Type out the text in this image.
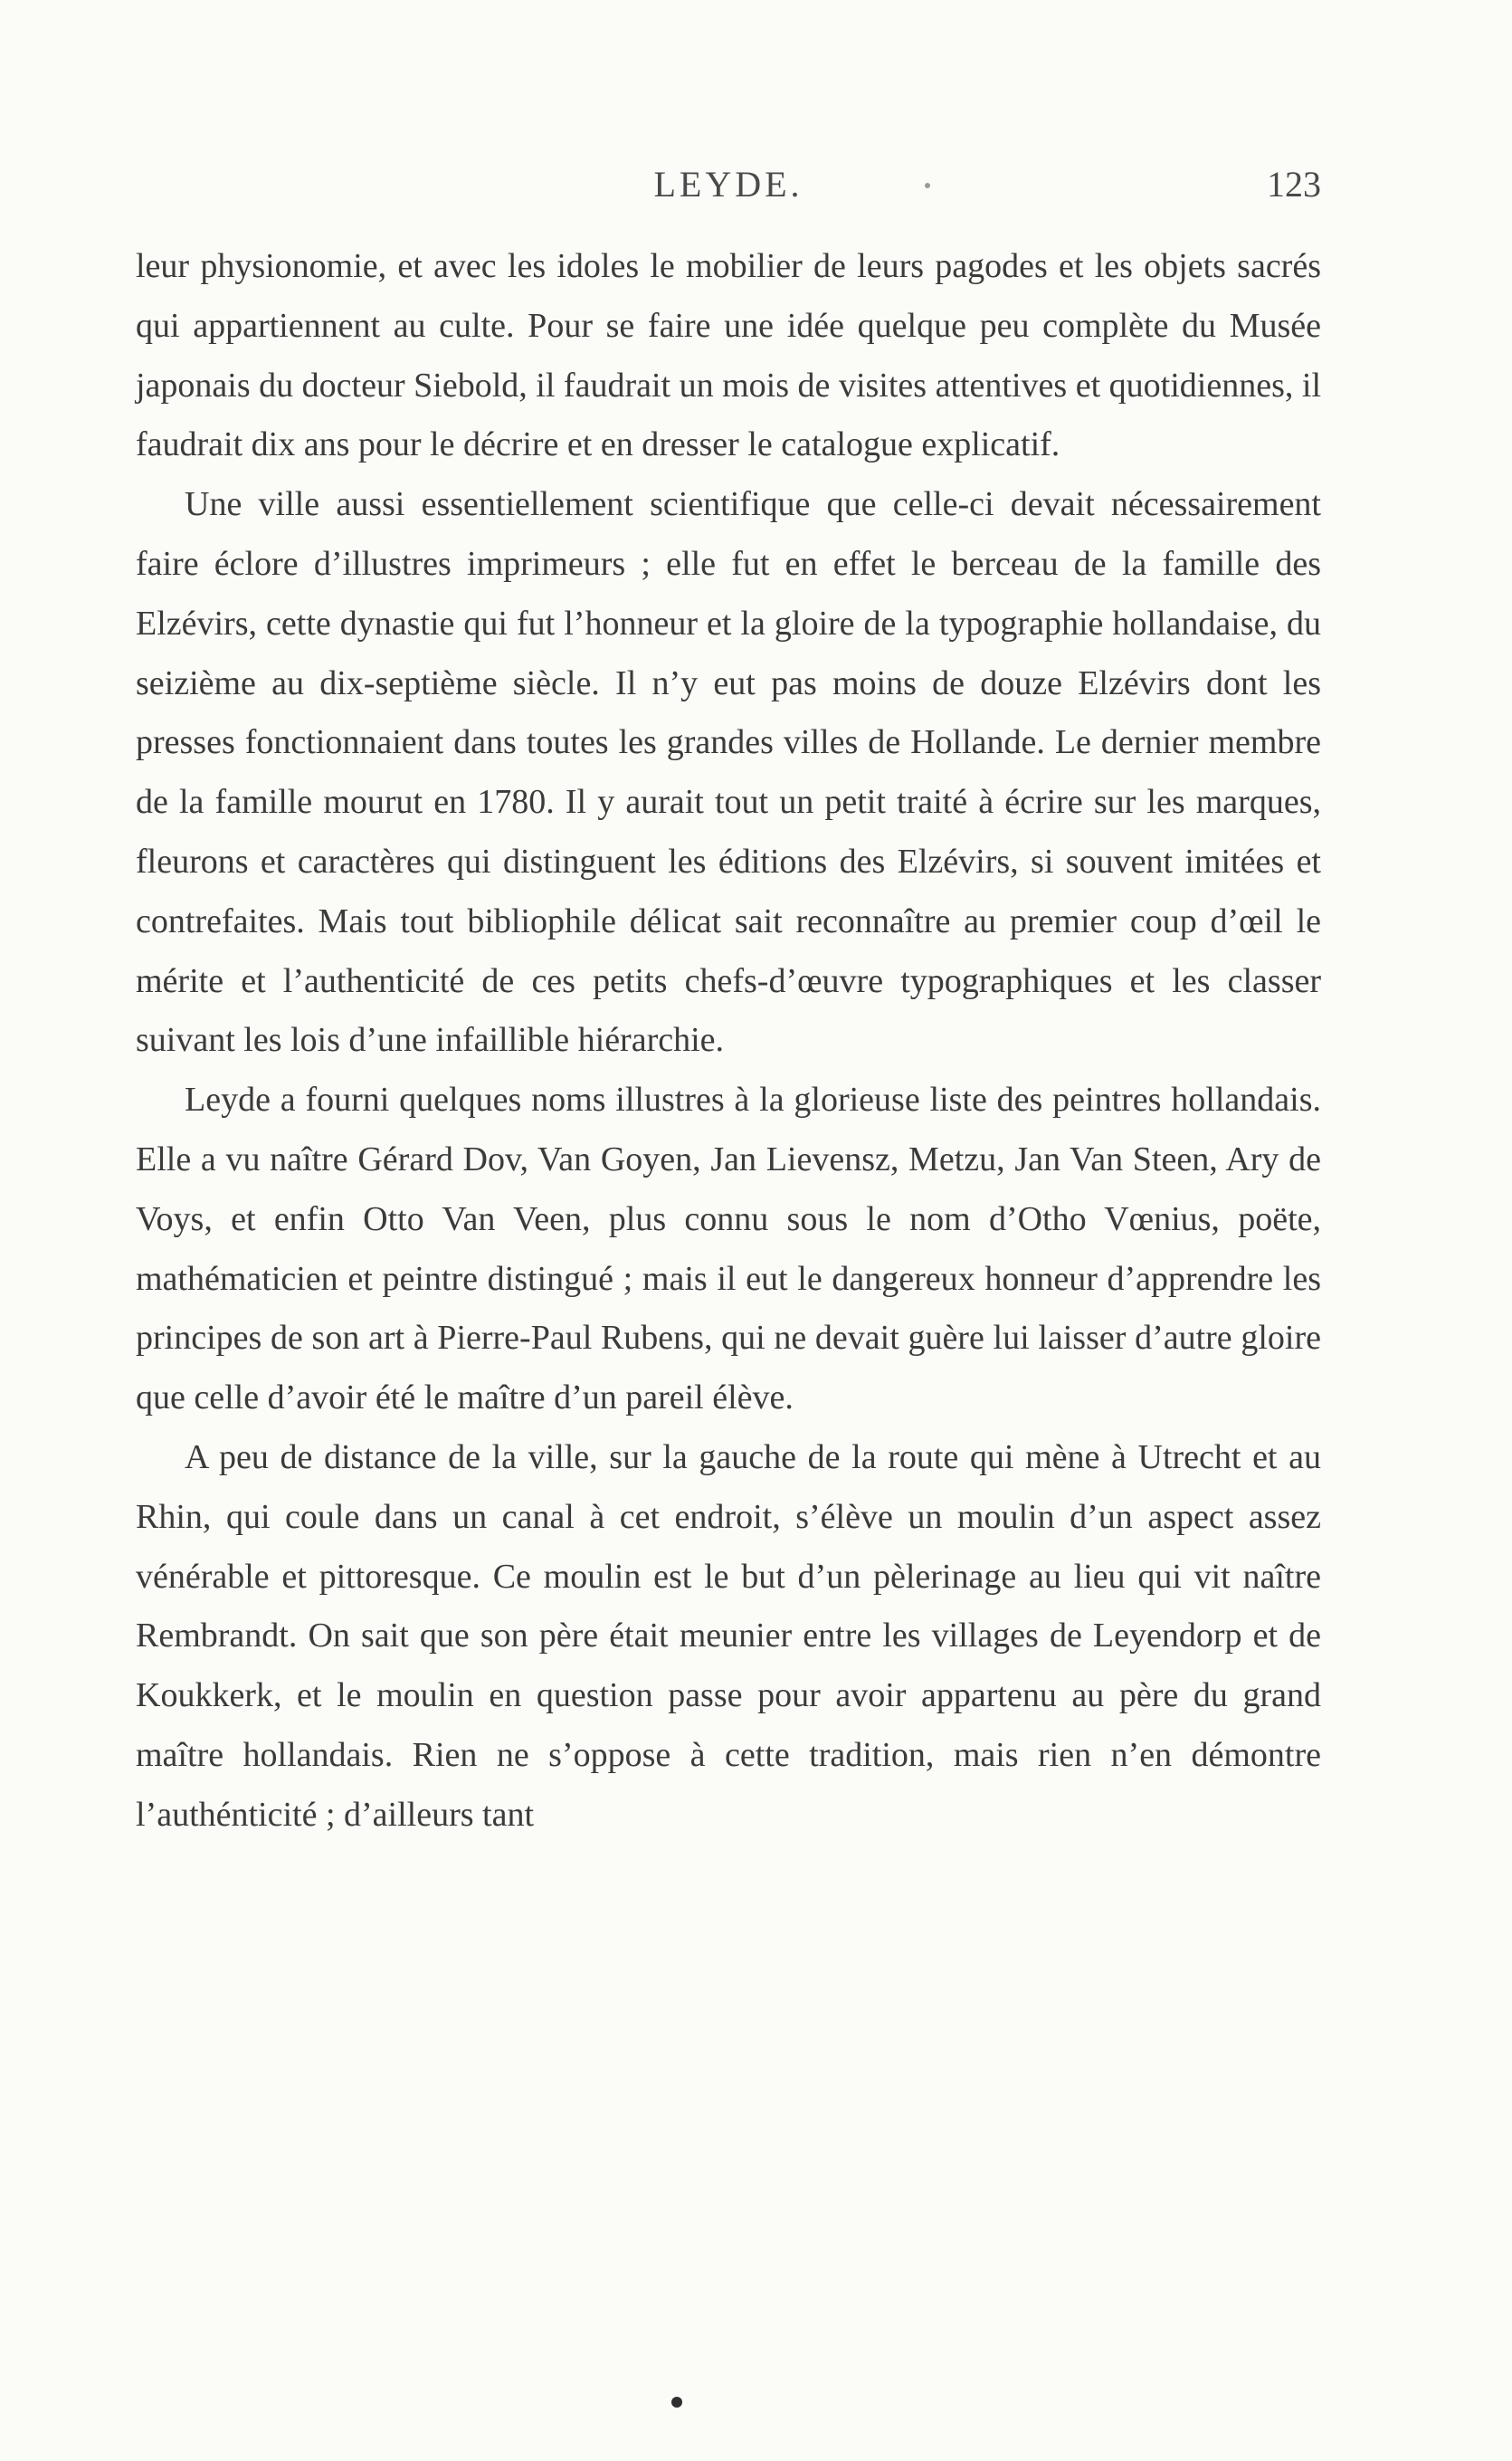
LEYDE.	123

leur physionomie, et avec les idoles le mobilier de leurs pagodes et les objets sacrés qui appartiennent au culte. Pour se faire une idée quelque peu complète du Musée japonais du docteur Siebold, il faudrait un mois de visites attentives et quotidiennes, il faudrait dix ans pour le décrire et en dresser le catalogue explicatif.

Une ville aussi essentiellement scientifique que celle-ci devait nécessairement faire éclore d’illustres imprimeurs ; elle fut en effet le berceau de la famille des Elzévirs, cette dynastie qui fut l’honneur et la gloire de la typographie hollandaise, du seizième au dix-septième siècle. Il n’y eut pas moins de douze Elzévirs dont les presses fonctionnaient dans toutes les grandes villes de Hollande. Le dernier membre de la famille mourut en 1780. Il y aurait tout un petit traité à écrire sur les marques, fleurons et caractères qui distinguent les éditions des Elzévirs, si souvent imitées et contrefaites. Mais tout bibliophile délicat sait reconnaître au premier coup d’œil le mérite et l’authenticité de ces petits chefs-d’œuvre typographiques et les classer suivant les lois d’une infaillible hiérarchie.

Leyde a fourni quelques noms illustres à la glorieuse liste des peintres hollandais. Elle a vu naître Gérard Dov, Van Goyen, Jan Lievensz, Metzu, Jan Van Steen, Ary de Voys, et enfin Otto Van Veen, plus connu sous le nom d’Otho Vœnius, poëte, mathématicien et peintre distingué ; mais il eut le dangereux honneur d’apprendre les principes de son art à Pierre-Paul Rubens, qui ne devait guère lui laisser d’autre gloire que celle d’avoir été le maître d’un pareil élève.

A peu de distance de la ville, sur la gauche de la route qui mène à Utrecht et au Rhin, qui coule dans un canal à cet endroit, s’élève un moulin d’un aspect assez vénérable et pittoresque. Ce moulin est le but d’un pèlerinage au lieu qui vit naître Rembrandt. On sait que son père était meunier entre les villages de Leyendorp et de Koukkerk, et le moulin en question passe pour avoir appartenu au père du grand maître hollandais. Rien ne s’oppose à cette tradition, mais rien n’en démontre l’authénticité ; d’ailleurs tant
